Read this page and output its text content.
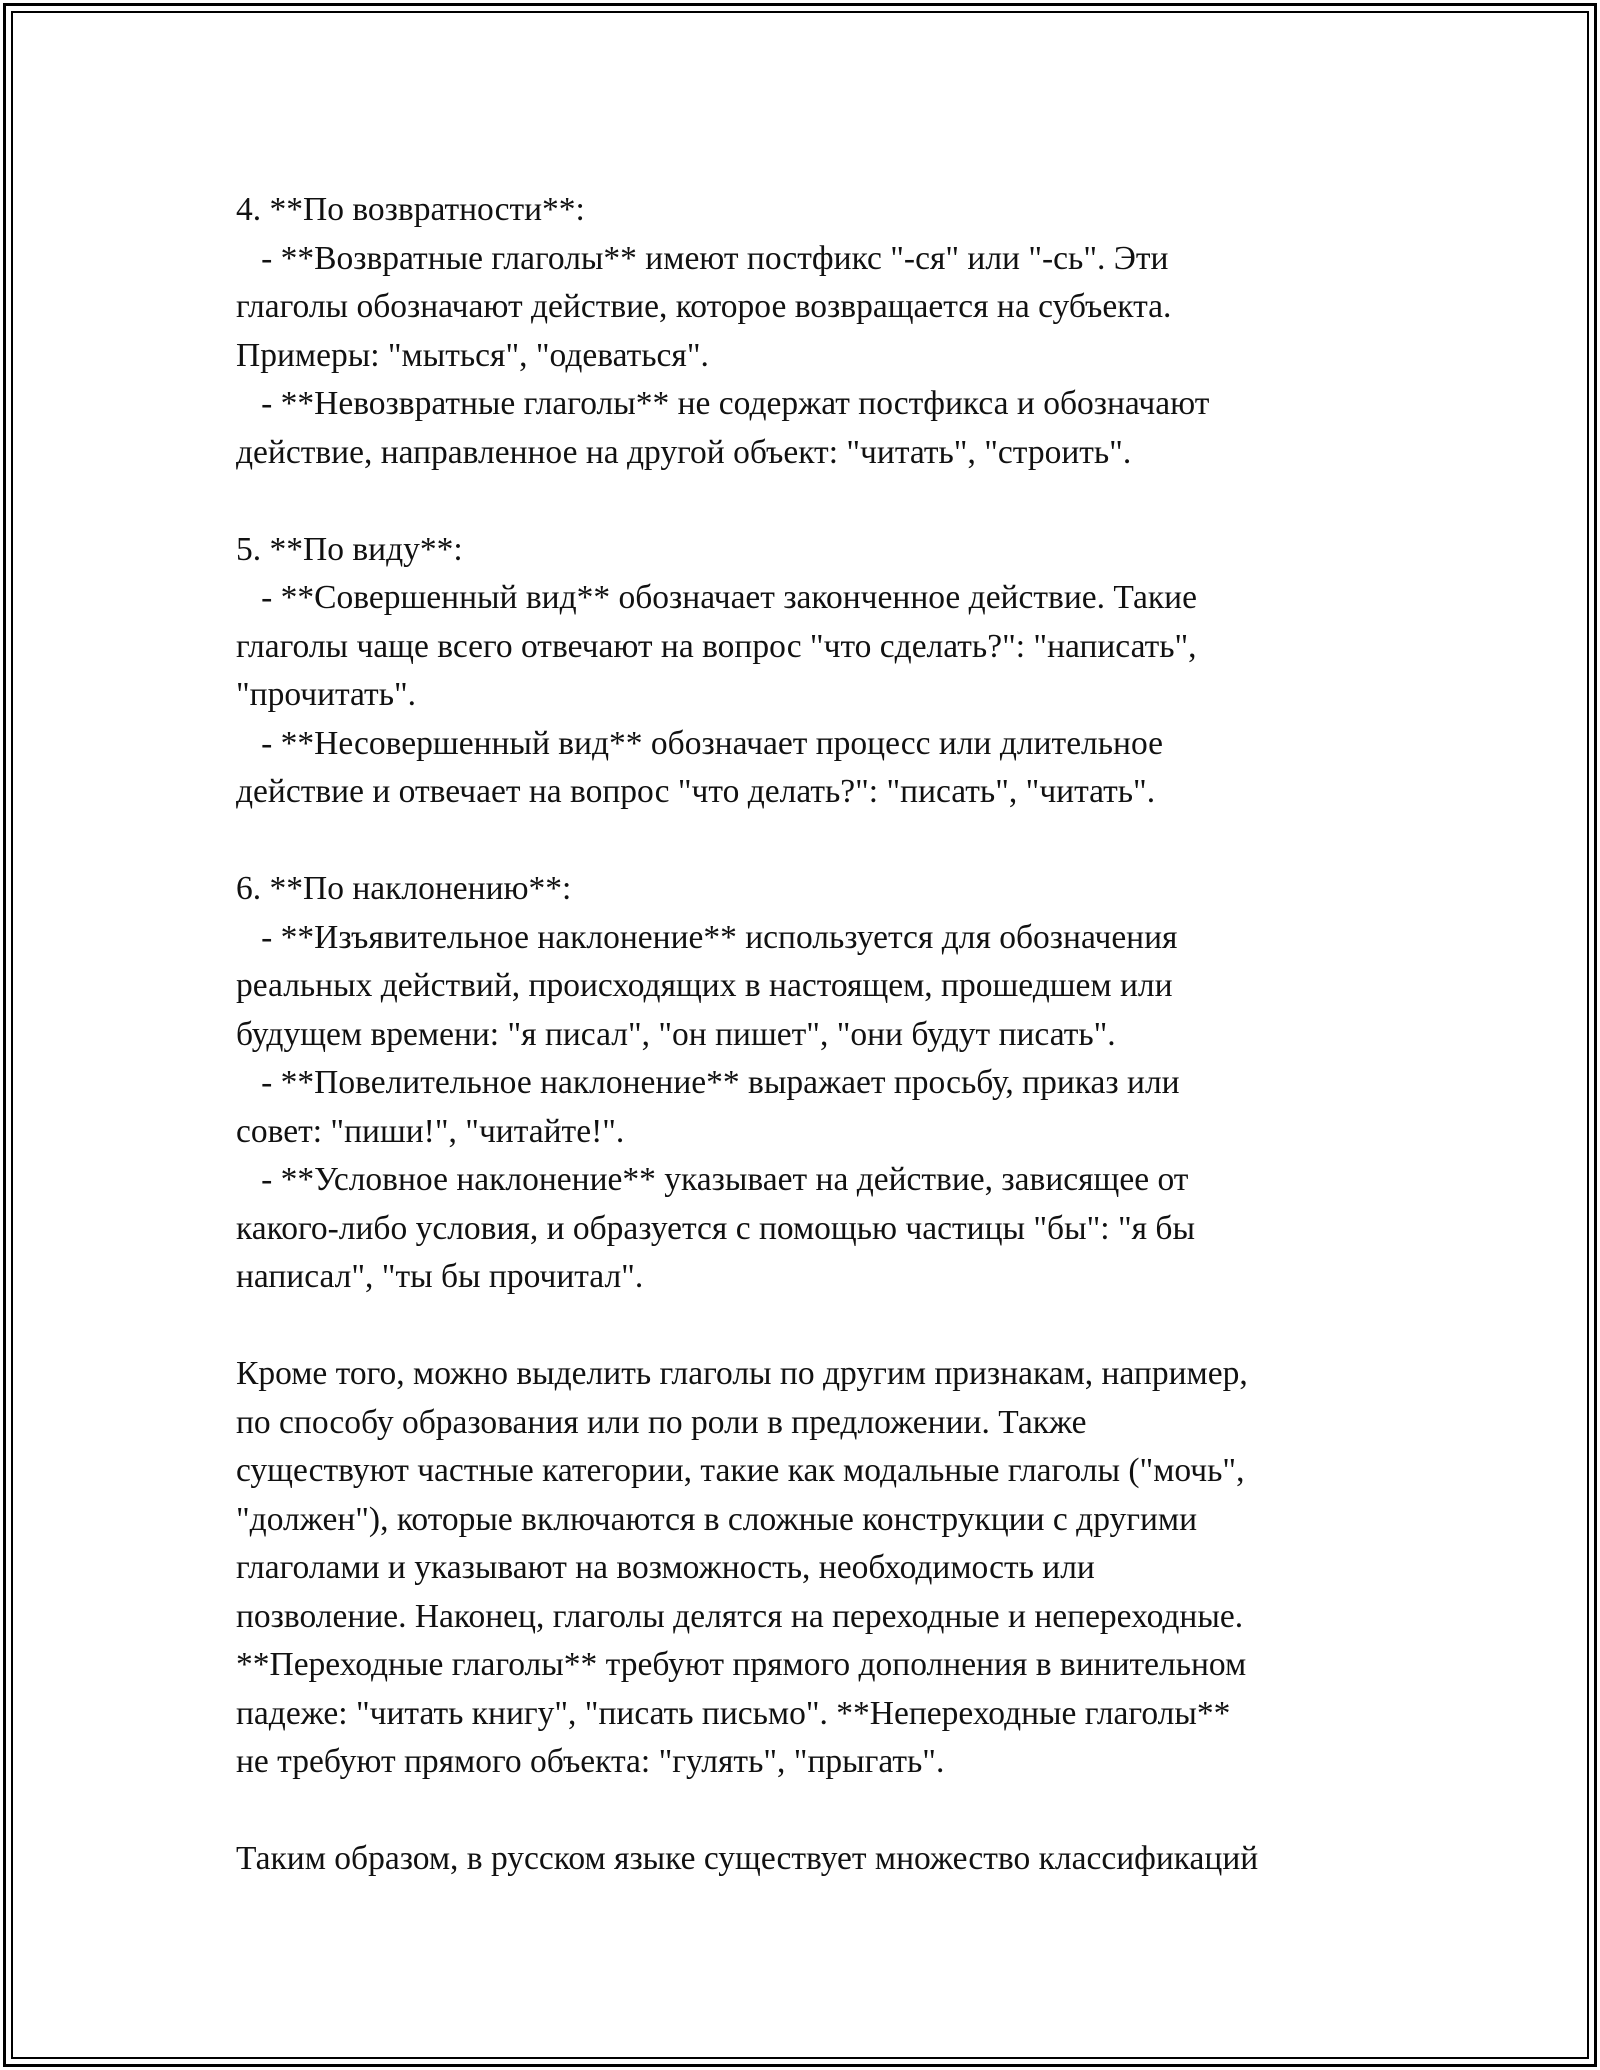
4. **По возвратности**:
- **Возвратные глаголы** имеют постфикс "-ся" или "-сь". Эти
глаголы обозначают действие, которое возвращается на субъекта.
Примеры: "мыться", "одеваться".
- **Невозвратные глаголы** не содержат постфикса и обозначают
действие, направленное на другой объект: "читать", "строить".
5. **По виду**:
- **Совершенный вид** обозначает законченное действие. Такие
глаголы чаще всего отвечают на вопрос "что сделать?": "написать",
"прочитать".
- **Несовершенный вид** обозначает процесс или длительное
действие и отвечает на вопрос "что делать?": "писать", "читать".
6. **По наклонению**:
- **Изъявительное наклонение** используется для обозначения
реальных действий, происходящих в настоящем, прошедшем или
будущем времени: "я писал", "он пишет", "они будут писать".
- **Повелительное наклонение** выражает просьбу, приказ или
совет: "пиши!", "читайте!".
- **Условное наклонение** указывает на действие, зависящее от
какого-либо условия, и образуется с помощью частицы "бы": "я бы
написал", "ты бы прочитал".
Кроме того, можно выделить глаголы по другим признакам, например,
по способу образования или по роли в предложении. Также
существуют частные категории, такие как модальные глаголы ("мочь",
"должен"), которые включаются в сложные конструкции с другими
глаголами и указывают на возможность, необходимость или
позволение. Наконец, глаголы делятся на переходные и непереходные.
**Переходные глаголы** требуют прямого дополнения в винительном
падеже: "читать книгу", "писать письмо". **Непереходные глаголы**
не требуют прямого объекта: "гулять", "прыгать".
Таким образом, в русском языке существует множество классификаций
